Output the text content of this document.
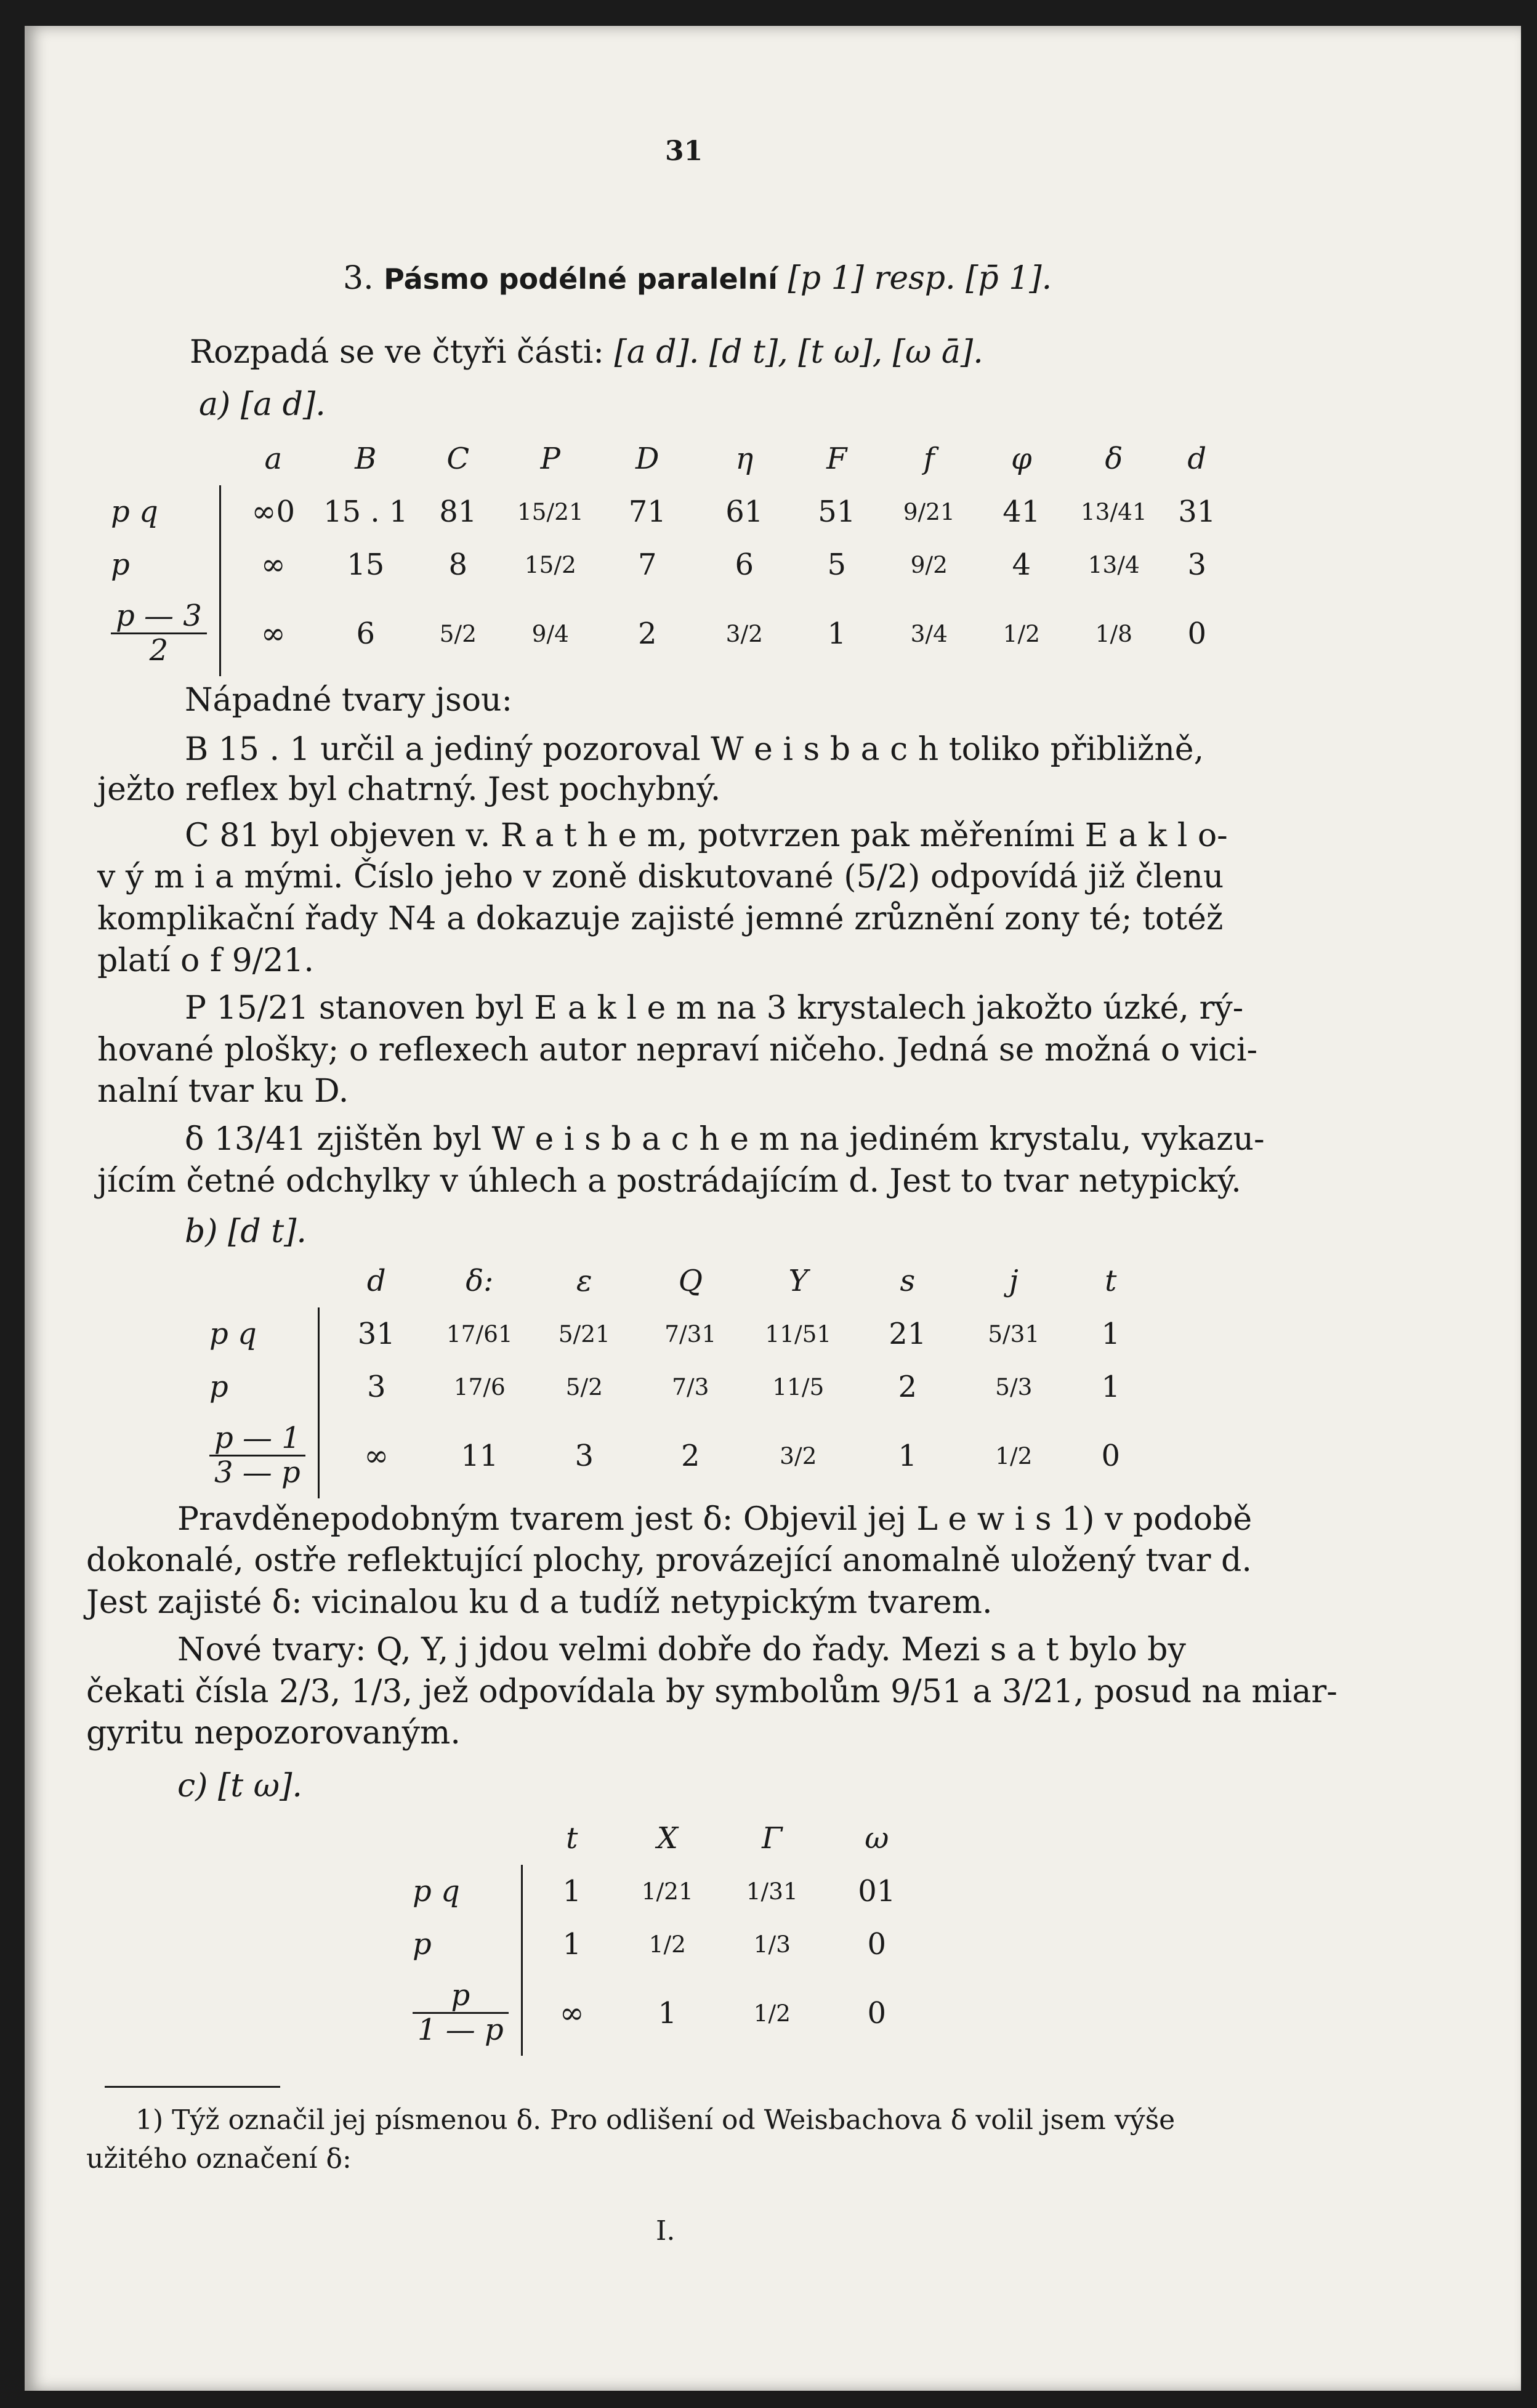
31
3. Pásmo podélné paralelní [p 1] resp. [p̄ 1].
Rozpadá se ve čtyři části: [a d]. [d t], [t ω], [ω ā].
a) [a d].
		a	B	C	P	D	η	F	f	φ	δ	d
p q		∞0	15 . 1	81	15/21	71	61	51	9/21	41	13/41	31
p		∞	15	8	15/2	7	6	5	9/2	4	13/4	3

$\frac{p — 3}{2}$		∞	6	5/2	9/4	2	3/2	1	3/4	1/2	1/8	0
Nápadné tvary jsou:
B 15 . 1 určil a jediný pozoroval W e i s b a c h toliko přibližně,
ježto reflex byl chatrný. Jest pochybný.
C 81 byl objeven v. R a t h e m, potvrzen pak měřeními E a k l o-
v ý m i a mými. Číslo jeho v zoně diskutované (5/2) odpovídá již členu
komplikační řady N4 a dokazuje zajisté jemné zrůznění zony té; totéž
platí o f 9/21.
P 15/21 stanoven byl E a k l e m na 3 krystalech jakožto úzké, rý-
hované plošky; o reflexech autor nepraví ničeho. Jedná se možná o vici-
nalní tvar ku D.
δ 13/41 zjištěn byl W e i s b a c h e m na jediném krystalu, vykazu-
jícím četné odchylky v úhlech a postrádajícím d. Jest to tvar netypický.
b) [d t].
		d	δ:	ε	Q	Y	s	j	t
p q		31	17/61	5/21	7/31	11/51	21	5/31	1
p		3	17/6	5/2	7/3	11/5	2	5/3	1

$\frac{p — 1}{3 — p}$		∞	11	3	2	3/2	1	1/2	0
Pravděnepodobným tvarem jest δ: Objevil jej L e w i s 1) v podobě
dokonalé, ostře reflektující plochy, provázející anomalně uložený tvar d.
Jest zajisté δ: vicinalou ku d a tudíž netypickým tvarem.
Nové tvary: Q, Y, j jdou velmi dobře do řady. Mezi s a t bylo by
čekati čísla 2/3, 1/3, jež odpovídala by symbolům 9/51 a 3/21, posud na miar-
gyritu nepozorovaným.
c) [t ω].
		t	X	Γ	ω
p q		1	1/21	1/31	01
p		1	1/2	1/3	0

$\frac{p}{1 — p}$		∞	1	1/2	0
1) Týž označil jej písmenou δ. Pro odlišení od Weisbachova δ volil jsem výše
užitého označení δ:
I.
